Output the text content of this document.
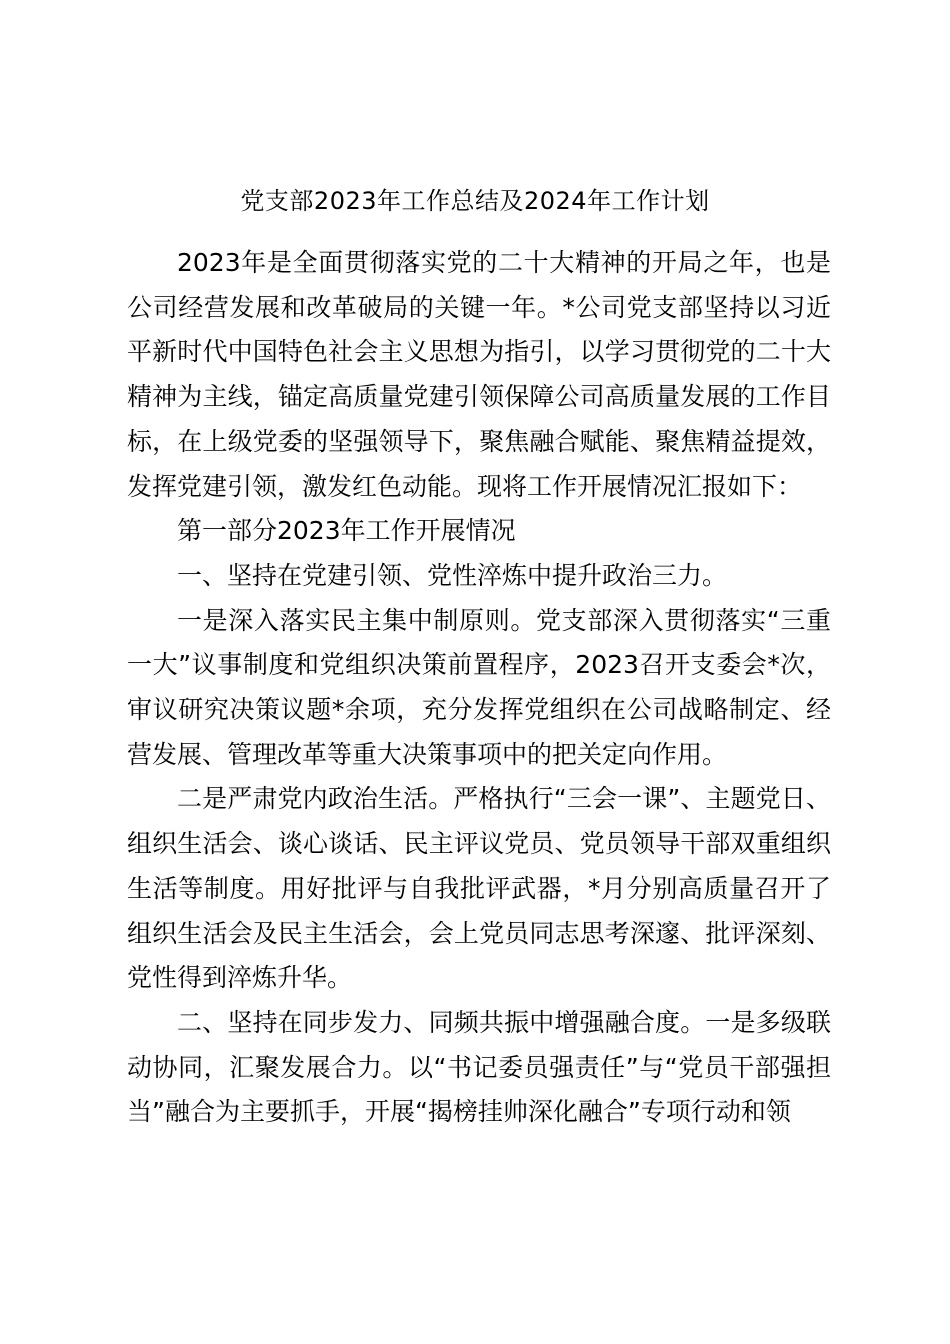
党支部2023年工作总结及2024年工作计划

2023年是全面贯彻落实党的二十大精神的开局之年，也是公司经营发展和改革破局的关键一年。*公司党支部坚持以习近平新时代中国特色社会主义思想为指引，以学习贯彻党的二十大精神为主线，锚定高质量党建引领保障公司高质量发展的工作目标，在上级党委的坚强领导下，聚焦融合赋能、聚焦精益提效，发挥党建引领，激发红色动能。现将工作开展情况汇报如下：

第一部分2023年工作开展情况

一、坚持在党建引领、党性淬炼中提升政治三力。

一是深入落实民主集中制原则。党支部深入贯彻落实“三重一大”议事制度和党组织决策前置程序，2023召开支委会*次，审议研究决策议题*余项，充分发挥党组织在公司战略制定、经营发展、管理改革等重大决策事项中的把关定向作用。

二是严肃党内政治生活。严格执行“三会一课”、主题党日、组织生活会、谈心谈话、民主评议党员、党员领导干部双重组织生活等制度。用好批评与自我批评武器，*月分别高质量召开了组织生活会及民主生活会，会上党员同志思考深邃、批评深刻、党性得到淬炼升华。

二、坚持在同步发力、同频共振中增强融合度。一是多级联动协同，汇聚发展合力。以“书记委员强责任”与“党员干部强担当”融合为主要抓手，开展“揭榜挂帅深化融合”专项行动和领
